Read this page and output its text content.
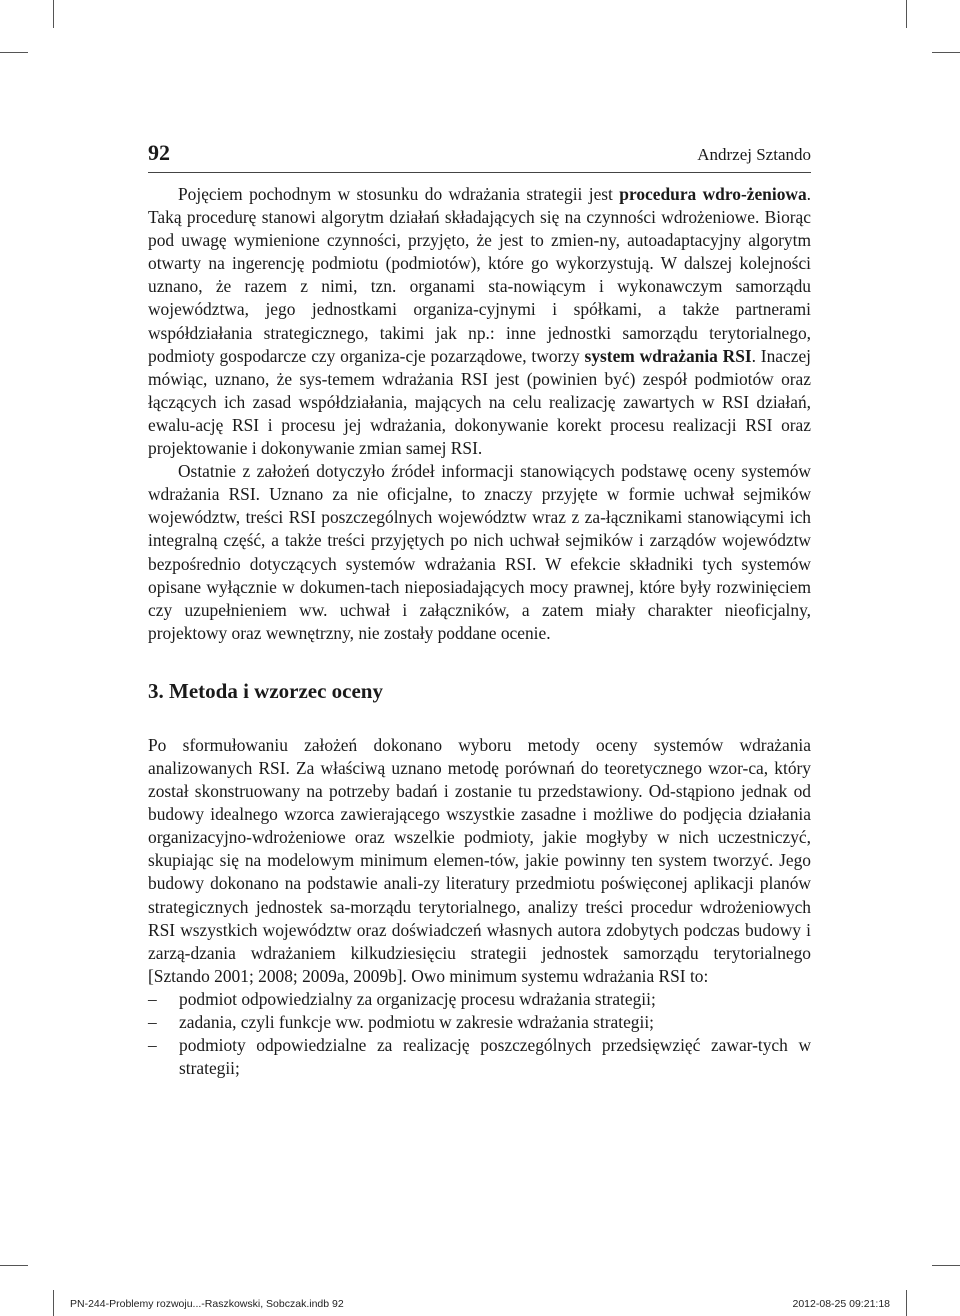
92	Andrzej Sztando

Pojęciem pochodnym w stosunku do wdrażania strategii jest procedura wdro-żeniowa. Taką procedurę stanowi algorytm działań składających się na czynności wdrożeniowe. Biorąc pod uwagę wymienione czynności, przyjęto, że jest to zmien-ny, autoadaptacyjny algorytm otwarty na ingerencję podmiotu (podmiotów), które go wykorzystują. W dalszej kolejności uznano, że razem z nimi, tzn. organami sta-nowiącym i wykonawczym samorządu województwa, jego jednostkami organiza-cyjnymi i spółkami, a także partnerami współdziałania strategicznego, takimi jak np.: inne jednostki samorządu terytorialnego, podmioty gospodarcze czy organiza-cje pozarządowe, tworzy system wdrażania RSI. Inaczej mówiąc, uznano, że sys-temem wdrażania RSI jest (powinien być) zespół podmiotów oraz łączących ich zasad współdziałania, mających na celu realizację zawartych w RSI działań, ewalu-ację RSI i procesu jej wdrażania, dokonywanie korekt procesu realizacji RSI oraz projektowanie i dokonywanie zmian samej RSI.

Ostatnie z założeń dotyczyło źródeł informacji stanowiących podstawę oceny systemów wdrażania RSI. Uznano za nie oficjalne, to znaczy przyjęte w formie uchwał sejmików województw, treści RSI poszczególnych województw wraz z za-łącznikami stanowiącymi ich integralną część, a także treści przyjętych po nich uchwał sejmików i zarządów województw bezpośrednio dotyczących systemów wdrażania RSI. W efekcie składniki tych systemów opisane wyłącznie w dokumen-tach nieposiadających mocy prawnej, które były rozwinięciem czy uzupełnieniem ww. uchwał i załączników, a zatem miały charakter nieoficjalny, projektowy oraz wewnętrzny, nie zostały poddane ocenie.

3. Metoda i wzorzec oceny

Po sformułowaniu założeń dokonano wyboru metody oceny systemów wdrażania analizowanych RSI. Za właściwą uznano metodę porównań do teoretycznego wzor-ca, który został skonstruowany na potrzeby badań i zostanie tu przedstawiony. Od-stąpiono jednak od budowy idealnego wzorca zawierającego wszystkie zasadne i możliwe do podjęcia działania organizacyjno-wdrożeniowe oraz wszelkie podmioty, jakie mogłyby w nich uczestniczyć, skupiając się na modelowym minimum elemen-tów, jakie powinny ten system tworzyć. Jego budowy dokonano na podstawie anali-zy literatury przedmiotu poświęconej aplikacji planów strategicznych jednostek sa-morządu terytorialnego, analizy treści procedur wdrożeniowych RSI wszystkich województw oraz doświadczeń własnych autora zdobytych podczas budowy i zarzą-dzania wdrażaniem kilkudziesięciu strategii jednostek samorządu terytorialnego [Sztando 2001; 2008; 2009a, 2009b]. Owo minimum systemu wdrażania RSI to:

– podmiot odpowiedzialny za organizację procesu wdrażania strategii;
– zadania, czyli funkcje ww. podmiotu w zakresie wdrażania strategii;
– podmioty odpowiedzialne za realizację poszczególnych przedsięwzięć zawar-tych w strategii;
PN-244-Problemy rozwoju...-Raszkowski, Sobczak.indb 92	2012-08-25 09:21:18
